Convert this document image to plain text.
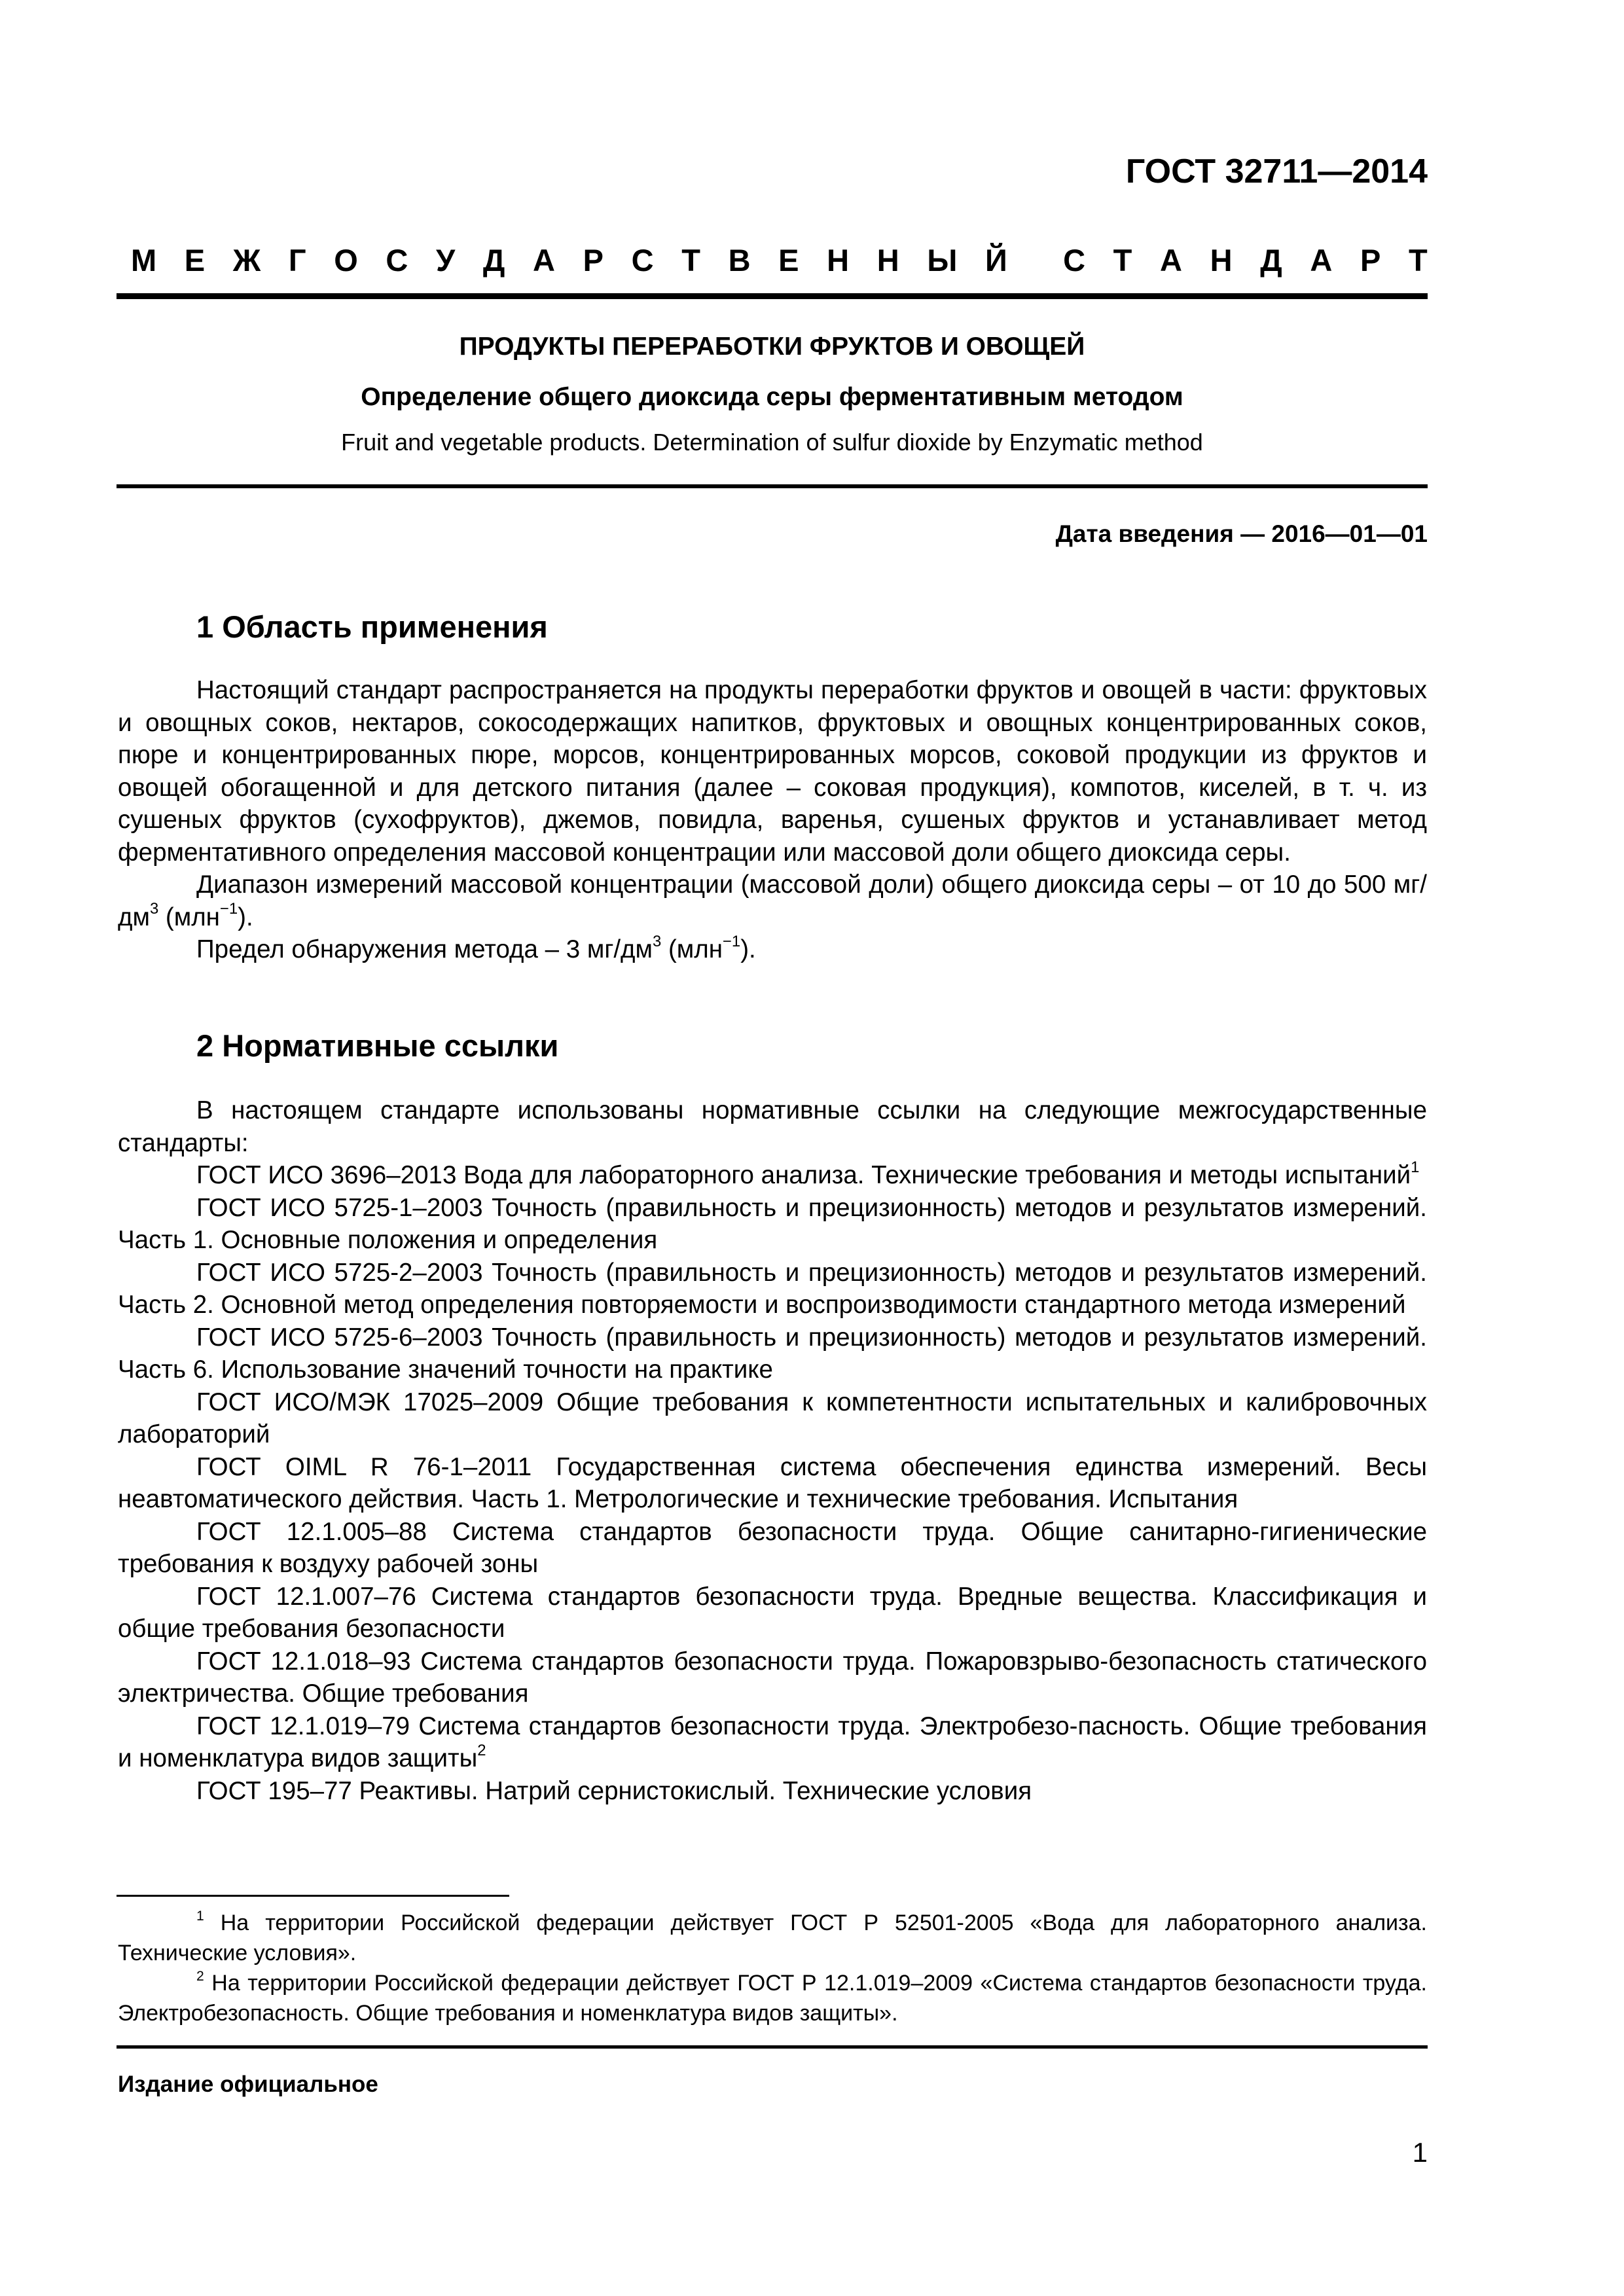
ГОСТ 32711—2014
М Е Ж Г О С У Д А Р С Т В Е Н Н Ы Й С Т А Н Д А Р Т
ПРОДУКТЫ ПЕРЕРАБОТКИ ФРУКТОВ И ОВОЩЕЙ
Определение общего диоксида серы ферментативным методом
Fruit and vegetable products. Determination of sulfur dioxide by Enzymatic method
Дата введения — 2016—01—01
1 Область применения

Настоящий стандарт распространяется на продукты переработки фруктов и овощей в части: фруктовых и овощных соков, нектаров, сокосодержащих напитков, фруктовых и овощных концентрированных соков, пюре и концентрированных пюре, морсов, концентрированных морсов, соковой продукции из фруктов и овощей обогащенной и для детского питания (далее – соковая продукция), компотов, киселей, в т. ч. из сушеных фруктов (сухофруктов), джемов, повидла, варенья, сушеных фруктов и устанавливает метод ферментативного определения массовой концентрации или массовой доли общего диоксида серы.

Диапазон измерений массовой концентрации (массовой доли) общего диоксида серы – от 10 до 500 $мг/дм^3$ (млн$^{-1}$).

Предел обнаружения метода – 3 $мг/дм^3$ (млн$^{-1}$).

2 Нормативные ссылки

В настоящем стандарте использованы нормативные ссылки на следующие межгосударственные стандарты:

ГОСТ ИСО 3696–2013 Вода для лабораторного анализа. Технические требования и методы испытаний$^1$

ГОСТ ИСО 5725-1–2003 Точность (правильность и прецизионность) методов и результатов измерений. Часть 1. Основные положения и определения

ГОСТ ИСО 5725-2–2003 Точность (правильность и прецизионность) методов и результатов измерений. Часть 2. Основной метод определения повторяемости и воспроизводимости стандартного метода измерений

ГОСТ ИСО 5725-6–2003 Точность (правильность и прецизионность) методов и результатов измерений. Часть 6. Использование значений точности на практике

ГОСТ ИСО/МЭК 17025–2009 Общие требования к компетентности испытательных и калибровочных лабораторий

ГОСТ OIML R 76-1–2011 Государственная система обеспечения единства измерений. Весы неавтоматического действия. Часть 1. Метрологические и технические требования. Испытания

ГОСТ 12.1.005–88 Система стандартов безопасности труда. Общие санитарно-гигиенические требования к воздуху рабочей зоны

ГОСТ 12.1.007–76 Система стандартов безопасности труда. Вредные вещества. Классификация и общие требования безопасности

ГОСТ 12.1.018–93 Система стандартов безопасности труда. Пожаровзрыво-безопасность статического электричества. Общие требования

ГОСТ 12.1.019–79 Система стандартов безопасности труда. Электробезо-пасность. Общие требования и номенклатура видов защиты$^2$

ГОСТ 195–77 Реактивы. Натрий сернистокислый. Технические условия

$^1$ На территории Российской федерации действует ГОСТ Р 52501-2005 «Вода для лабораторного анализа. Технические условия».

$^2$ На территории Российской федерации действует ГОСТ Р 12.1.019–2009 «Система стандартов безопасности труда. Электробезопасность. Общие требования и номенклатура видов защиты».

Издание официальное
1
